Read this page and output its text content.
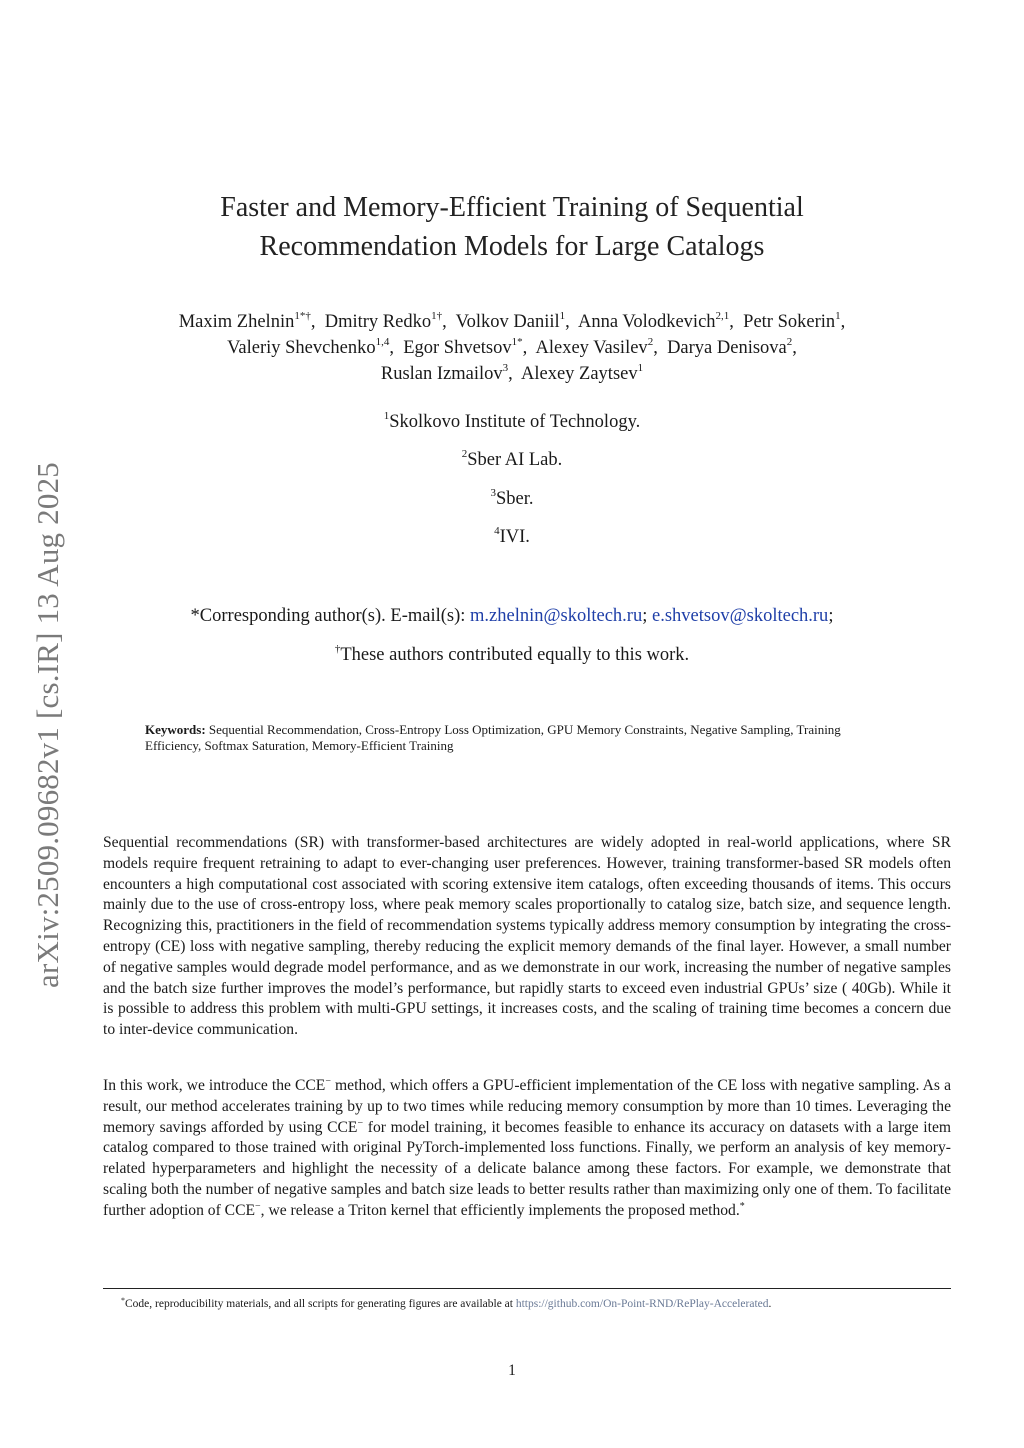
arXiv:2509.09682v1 [cs.IR] 13 Aug 2025
Faster and Memory-Efficient Training of Sequential
Recommendation Models for Large Catalogs
Maxim Zhelnin$^{1*\dagger}$,  Dmitry Redko$^{1\dagger}$,  Volkov Daniil$^1$,  Anna Volodkevich$^{2,1}$,  Petr Sokerin$^1$,
Valeriy Shevchenko$^{1,4}$,  Egor Shvetsov$^{1*}$,  Alexey Vasilev$^2$,  Darya Denisova$^2$,
Ruslan Izmailov$^3$,  Alexey Zaytsev$^1$
$^1$Skolkovo Institute of Technology.
$^2$Sber AI Lab.
$^3$Sber.
$^4$IVI.
*Corresponding author(s). E-mail(s): m.zhelnin@skoltech.ru; e.shvetsov@skoltech.ru;
†These authors contributed equally to this work.
Keywords: Sequential Recommendation, Cross-Entropy Loss Optimization, GPU Memory Constraints, Negative Sampling, Training Efficiency, Softmax Saturation, Memory-Efficient Training
Sequential recommendations (SR) with transformer-based architectures are widely adopted in real-world applications, where SR models require frequent retraining to adapt to ever-changing user preferences. However, training transformer-based SR models often encounters a high computational cost associated with scoring extensive item catalogs, often exceeding thousands of items. This occurs mainly due to the use of cross-entropy loss, where peak memory scales proportionally to catalog size, batch size, and sequence length. Recognizing this, practitioners in the field of recommendation systems typically address memory consumption by integrating the cross-entropy (CE) loss with negative sampling, thereby reducing the explicit memory demands of the final layer. However, a small number of negative samples would degrade model performance, and as we demonstrate in our work, increasing the number of negative samples and the batch size further improves the model’s performance, but rapidly starts to exceed even industrial GPUs’ size ( 40Gb). While it is possible to address this problem with multi-GPU settings, it increases costs, and the scaling of training time becomes a concern due to inter-device communication.
In this work, we introduce the CCE− method, which offers a GPU-efficient implementation of the CE loss with negative sampling. As a result, our method accelerates training by up to two times while reducing memory consumption by more than 10 times. Leveraging the memory savings afforded by using CCE− for model training, it becomes feasible to enhance its accuracy on datasets with a large item catalog compared to those trained with original PyTorch-implemented loss functions. Finally, we perform an analysis of key memory-related hyperparameters and highlight the necessity of a delicate balance among these factors. For example, we demonstrate that scaling both the number of negative samples and batch size leads to better results rather than maximizing only one of them. To facilitate further adoption of CCE−, we release a Triton kernel that efficiently implements the proposed method.*
*Code, reproducibility materials, and all scripts for generating figures are available at https://github.com/On-Point-RND/RePlay-Accelerated.
1
